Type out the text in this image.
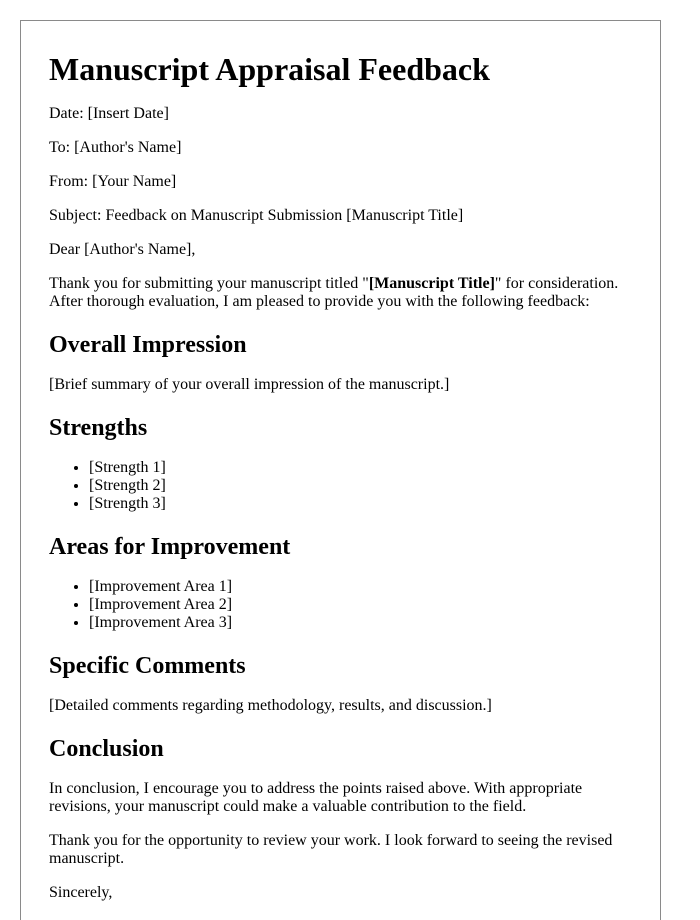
Manuscript Appraisal Feedback

Date: [Insert Date]

To: [Author's Name]

From: [Your Name]

Subject: Feedback on Manuscript Submission [Manuscript Title]

Dear [Author's Name],

Thank you for submitting your manuscript titled "[Manuscript Title]" for consideration. After thorough evaluation, I am pleased to provide you with the following feedback:

Overall Impression

[Brief summary of your overall impression of the manuscript.]

Strengths
• [Strength 1]
• [Strength 2]
• [Strength 3]
Areas for Improvement
• [Improvement Area 1]
• [Improvement Area 2]
• [Improvement Area 3]
Specific Comments

[Detailed comments regarding methodology, results, and discussion.]

Conclusion

In conclusion, I encourage you to address the points raised above. With appropriate revisions, your manuscript could make a valuable contribution to the field.

Thank you for the opportunity to review your work. I look forward to seeing the revised manuscript.

Sincerely,
